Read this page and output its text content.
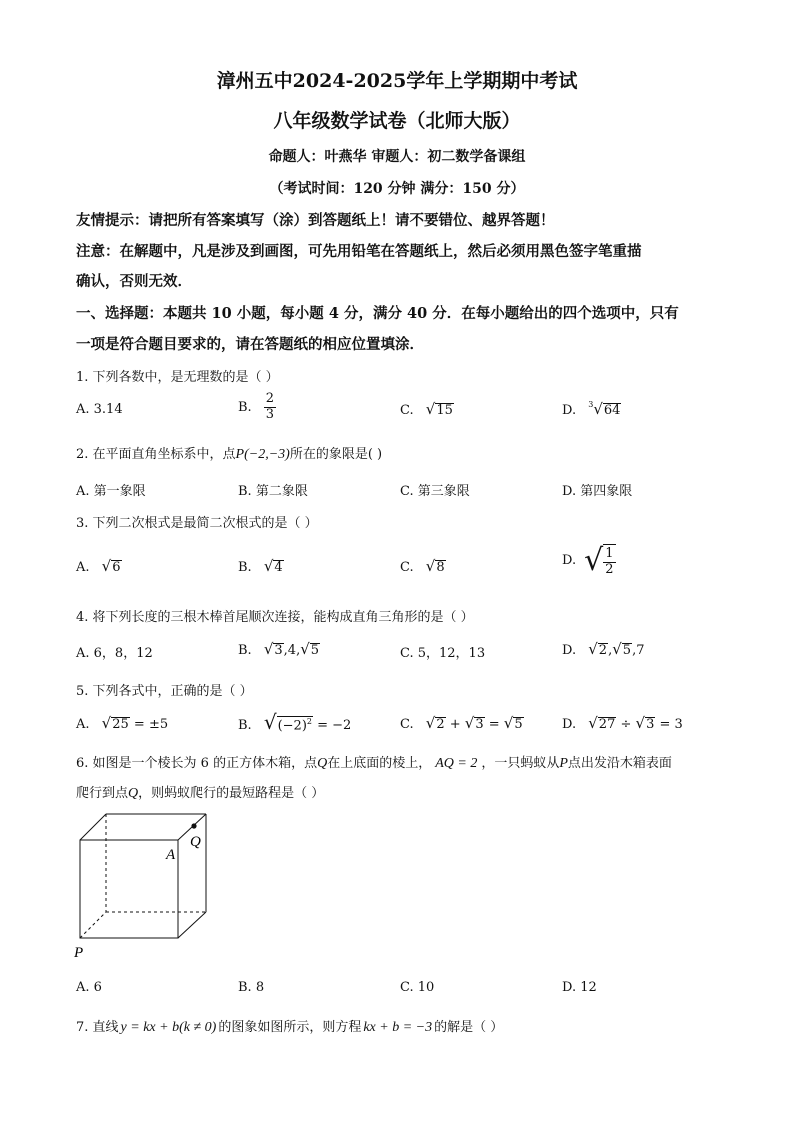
漳州五中2024-2025学年上学期期中考试
八年级数学试卷（北师大版）
命题人：叶燕华 审题人：初二数学备课组
（考试时间：120 分钟 满分：150 分）
友情提示：请把所有答案填写（涂）到答题纸上！请不要错位、越界答题！
注意：在解题中，凡是涉及到画图，可先用铅笔在答题纸上，然后必须用黑色签字笔重描
确认，否则无效．
一、选择题：本题共 10 小题，每小题 4 分，满分 40 分．在每小题给出的四个选项中，只有
一项是符合题目要求的，请在答题纸的相应位置填涂．
1. 下列各数中，是无理数的是（ ）
A. 3.14	B. $\frac{2}{3}$	C. √15	D. $^3$√64
2. 在平面直角坐标系中，点P(−2,−3)所在的象限是( )
A. 第一象限	B. 第二象限	C. 第三象限	D. 第四象限
3. 下列二次根式是最简二次根式的是（ ）
A. √6	B. √4	C. √8	D. √ $\frac{1}{2}$
4. 将下列长度的三根木棒首尾顺次连接，能构成直角三角形的是（ ）
A. 6，8，12	B. √3,4,√5	C. 5，12，13	D. √2,√5,7
5. 下列各式中，正确的是（ ）
A. √25 = ±5	B. $√(-2)^2 = -2$	C. √2 + √3 = √5	D. √27 ÷ √3 = 3
6. 如图是一个棱长为 6 的正方体木箱，点Q在上底面的棱上， AQ = 2 ，一只蚂蚁从P点出发沿木箱表面
爬行到点Q，则蚂蚁爬行的最短路程是（ ）
A
Q
P
A. 6	B. 8	C. 10	D. 12
7. 直线 y = kx + b(k ≠ 0) 的图象如图所示，则方程 kx + b = −3 的解是（ ）
